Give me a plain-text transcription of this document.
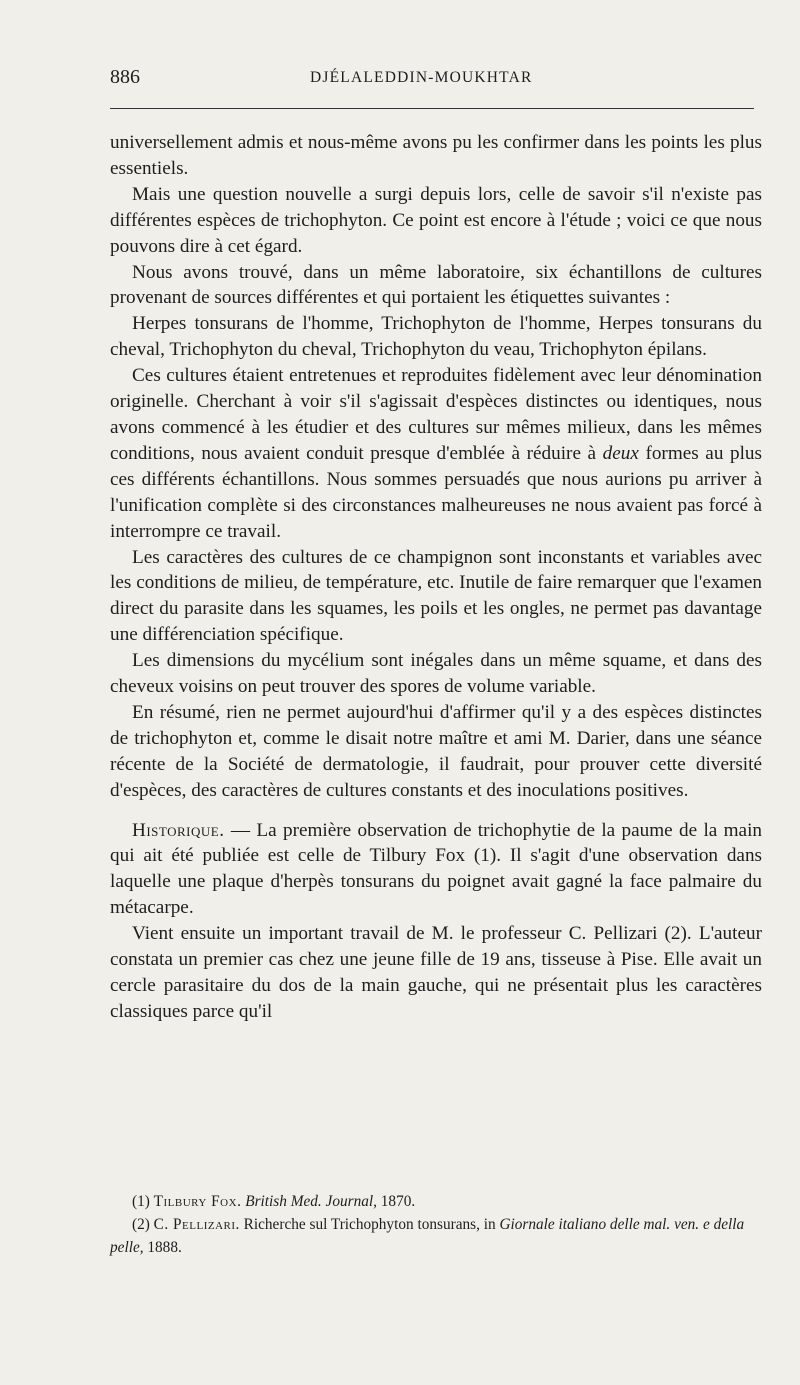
886	DJÉLALEDDIN-MOUKHTAR

universellement admis et nous-même avons pu les confirmer dans les points les plus essentiels.

Mais une question nouvelle a surgi depuis lors, celle de savoir s'il n'existe pas différentes espèces de trichophyton. Ce point est encore à l'étude ; voici ce que nous pouvons dire à cet égard.

Nous avons trouvé, dans un même laboratoire, six échantillons de cultures provenant de sources différentes et qui portaient les étiquettes suivantes :

Herpes tonsurans de l'homme, Trichophyton de l'homme, Herpes tonsurans du cheval, Trichophyton du cheval, Trichophyton du veau, Trichophyton épilans.

Ces cultures étaient entretenues et reproduites fidèlement avec leur dénomination originelle. Cherchant à voir s'il s'agissait d'espèces distinctes ou identiques, nous avons commencé à les étudier et des cultures sur mêmes milieux, dans les mêmes conditions, nous avaient conduit presque d'emblée à réduire à deux formes au plus ces différents échantillons. Nous sommes persuadés que nous aurions pu arriver à l'unification complète si des circonstances malheureuses ne nous avaient pas forcé à interrompre ce travail.

Les caractères des cultures de ce champignon sont inconstants et variables avec les conditions de milieu, de température, etc. Inutile de faire remarquer que l'examen direct du parasite dans les squames, les poils et les ongles, ne permet pas davantage une différenciation spécifique.

Les dimensions du mycélium sont inégales dans un même squame, et dans des cheveux voisins on peut trouver des spores de volume variable.

En résumé, rien ne permet aujourd'hui d'affirmer qu'il y a des espèces distinctes de trichophyton et, comme le disait notre maître et ami M. Darier, dans une séance récente de la Société de dermatologie, il faudrait, pour prouver cette diversité d'espèces, des caractères de cultures constants et des inoculations positives.

Historique. — La première observation de trichophytie de la paume de la main qui ait été publiée est celle de Tilbury Fox (1). Il s'agit d'une observation dans laquelle une plaque d'herpès tonsurans du poignet avait gagné la face palmaire du métacarpe.

Vient ensuite un important travail de M. le professeur C. Pellizari (2). L'auteur constata un premier cas chez une jeune fille de 19 ans, tisseuse à Pise. Elle avait un cercle parasitaire du dos de la main gauche, qui ne présentait plus les caractères classiques parce qu'il

(1) Tilbury Fox. British Med. Journal, 1870.

(2) C. Pellizari. Richerche sul Trichophyton tonsurans, in Giornale italiano delle mal. ven. e della pelle, 1888.
